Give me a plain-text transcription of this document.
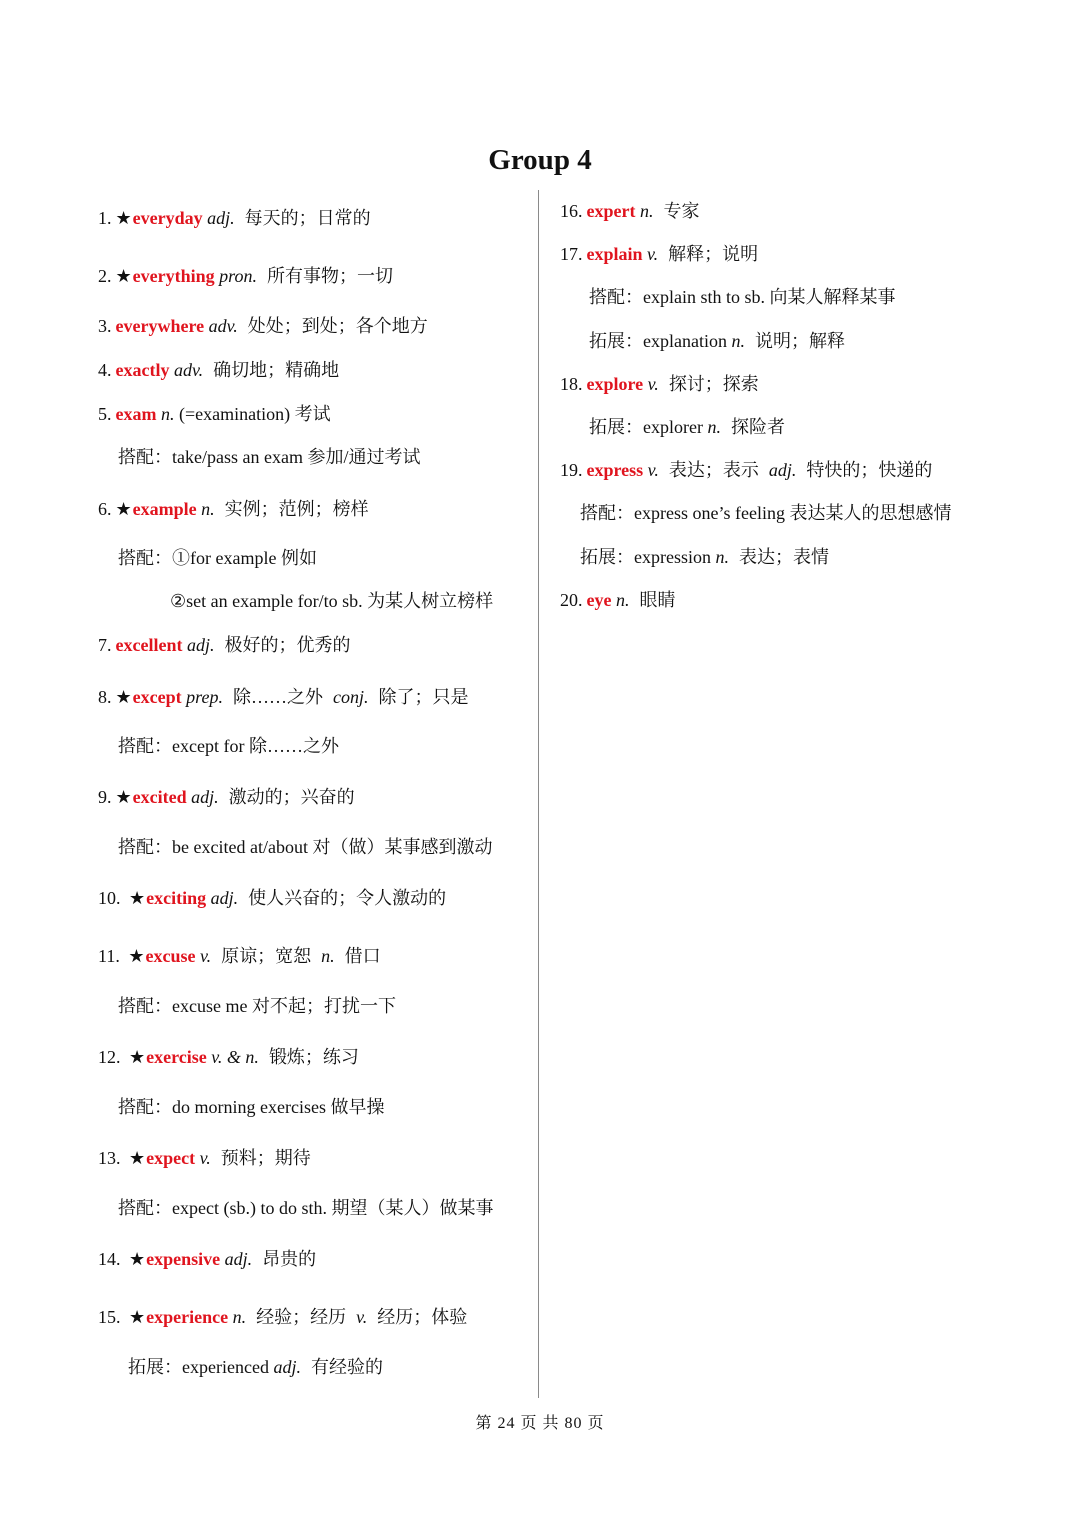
Group 4
1. ★everyday adj. 每天的；日常的
2. ★everything pron. 所有事物；一切
3. everywhere adv. 处处；到处；各个地方
4. exactly adv. 确切地；精确地
5. exam n. (=examination) 考试
搭配：take/pass an exam 参加/通过考试
6. ★example n. 实例；范例；榜样
搭配：①for example 例如
②set an example for/to sb. 为某人树立榜样
7. excellent adj. 极好的；优秀的
8. ★except prep. 除……之外 conj. 除了；只是
搭配：except for 除……之外
9. ★excited adj. 激动的；兴奋的
搭配：be excited at/about 对（做）某事感到激动
10. ★exciting adj. 使人兴奋的；令人激动的
11. ★excuse v. 原谅；宽恕 n. 借口
搭配：excuse me 对不起；打扰一下
12. ★exercise v. & n. 锻炼；练习
搭配：do morning exercises 做早操
13. ★expect v. 预料；期待
搭配：expect (sb.) to do sth. 期望（某人）做某事
14. ★expensive adj. 昂贵的
15. ★experience n. 经验；经历 v. 经历；体验
拓展：experienced adj. 有经验的
16. expert n. 专家
17. explain v. 解释；说明
搭配：explain sth to sb. 向某人解释某事
拓展：explanation n. 说明；解释
18. explore v. 探讨；探索
拓展：explorer n. 探险者
19. express v. 表达；表示 adj. 特快的；快递的
搭配：express one’s feeling 表达某人的思想感情
拓展：expression n. 表达；表情
20. eye n. 眼睛
第 24 页 共 80 页
